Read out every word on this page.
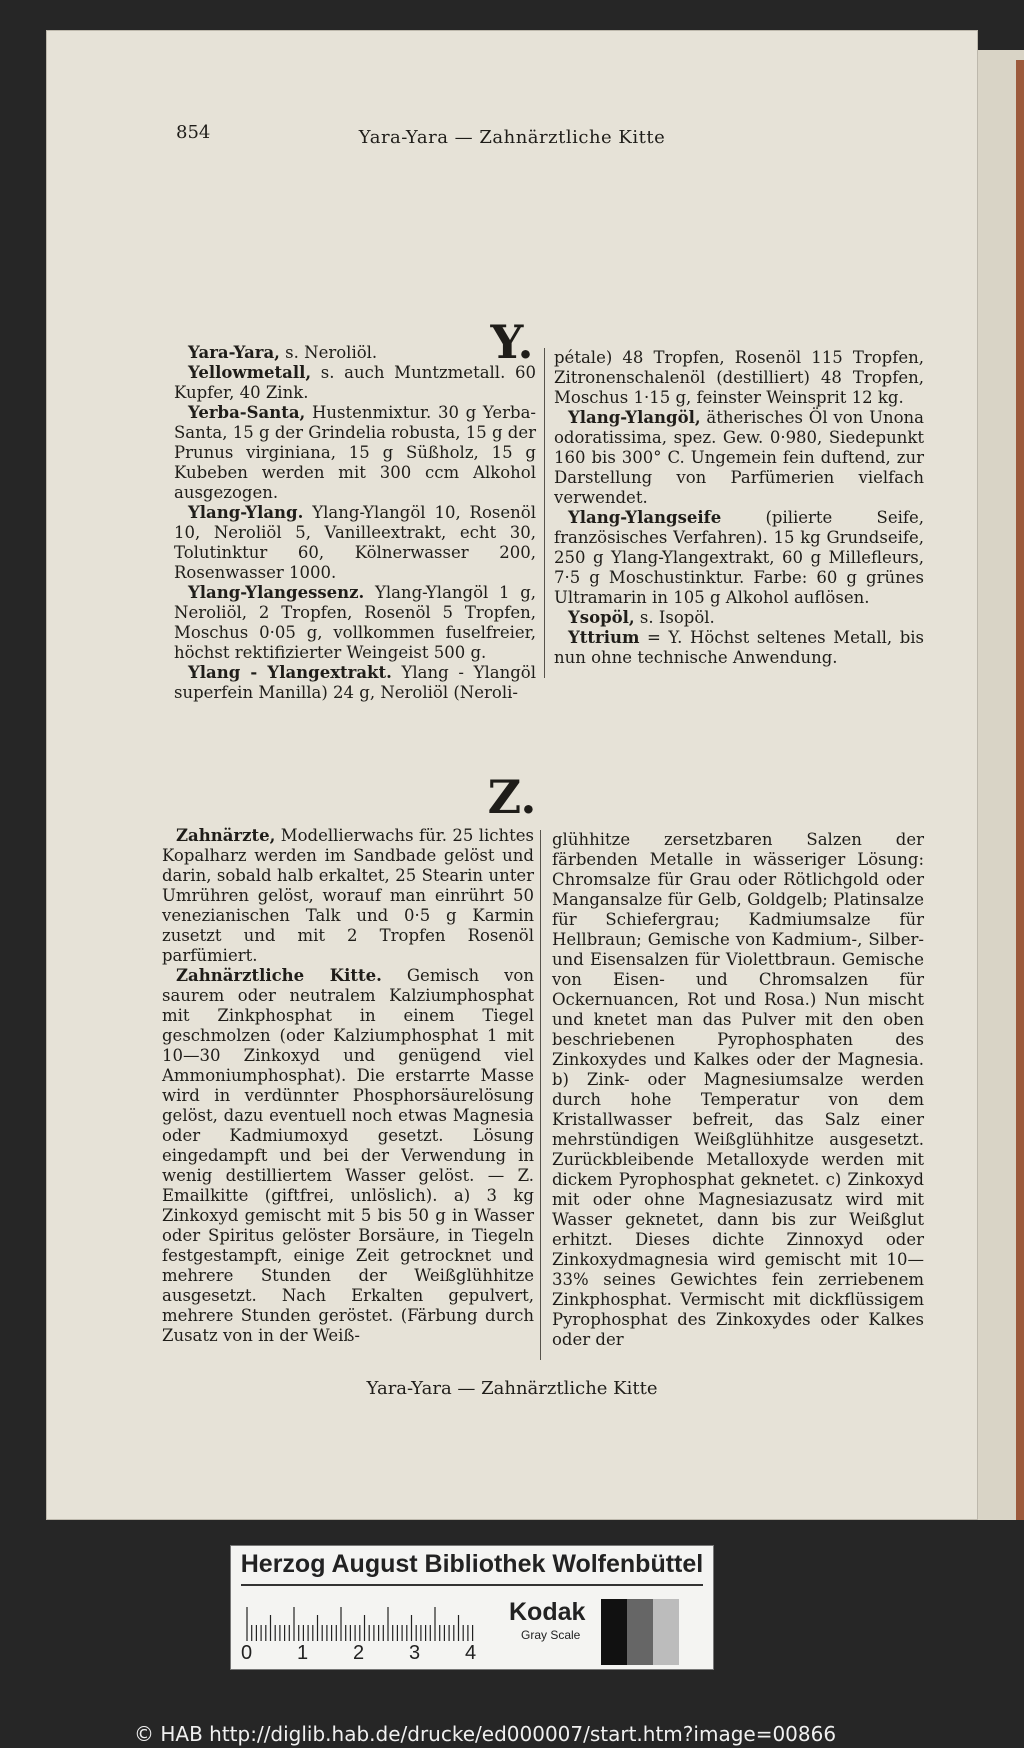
854	Yara-Yara — Zahnärztliche Kitte
Y.

Yara-Yara, s. Neroliöl.

Yellowmetall, s. auch Muntzmetall. 60 Kupfer, 40 Zink.

Yerba-Santa, Hustenmixtur. 30 g Yerba-Santa, 15 g der Grindelia robusta, 15 g der Prunus virginiana, 15 g Süßholz, 15 g Kubeben werden mit 300 ccm Alkohol ausgezogen.

Ylang-Ylang. Ylang-Ylangöl 10, Rosenöl 10, Neroliöl 5, Vanilleextrakt, echt 30, Tolutinktur 60, Kölnerwasser 200, Rosenwasser 1000.

Ylang-Ylangessenz. Ylang-Ylangöl 1 g, Neroliöl, 2 Tropfen, Rosenöl 5 Tropfen, Moschus 0·05 g, vollkommen fuselfreier, höchst rektifizierter Weingeist 500 g.

Ylang - Ylangextrakt. Ylang - Ylangöl superfein Manilla) 24 g, Neroliöl (Neroli-

pétale) 48 Tropfen, Rosenöl 115 Tropfen, Zitronenschalenöl (destilliert) 48 Tropfen, Moschus 1·15 g, feinster Weinsprit 12 kg.

Ylang-Ylangöl, ätherisches Öl von Unona odoratissima, spez. Gew. 0·980, Siedepunkt 160 bis 300° C. Ungemein fein duftend, zur Darstellung von Parfümerien vielfach verwendet.

Ylang-Ylangseife (pilierte Seife, französisches Verfahren). 15 kg Grundseife, 250 g Ylang-Ylangextrakt, 60 g Millefleurs, 7·5 g Moschustinktur. Farbe: 60 g grünes Ultramarin in 105 g Alkohol auflösen.

Ysopöl, s. Isopöl.

Yttrium = Y. Höchst seltenes Metall, bis nun ohne technische Anwendung.

Z.

Zahnärzte, Modellierwachs für. 25 lichtes Kopalharz werden im Sandbade gelöst und darin, sobald halb erkaltet, 25 Stearin unter Umrühren gelöst, worauf man einrührt 50 venezianischen Talk und 0·5 g Karmin zusetzt und mit 2 Tropfen Rosenöl parfümiert.

Zahnärztliche Kitte. Gemisch von saurem oder neutralem Kalziumphosphat mit Zinkphosphat in einem Tiegel geschmolzen (oder Kalziumphosphat 1 mit 10—30 Zinkoxyd und genügend viel Ammoniumphosphat). Die erstarrte Masse wird in verdünnter Phosphorsäurelösung gelöst, dazu eventuell noch etwas Magnesia oder Kadmiumoxyd gesetzt. Lösung eingedampft und bei der Verwendung in wenig destilliertem Wasser gelöst. — Z. Emailkitte (giftfrei, unlöslich). a) 3 kg Zinkoxyd gemischt mit 5 bis 50 g in Wasser oder Spiritus gelöster Borsäure, in Tiegeln festgestampft, einige Zeit getrocknet und mehrere Stunden der Weißglühhitze ausgesetzt. Nach Erkalten gepulvert, mehrere Stunden geröstet. (Färbung durch Zusatz von in der Weiß-

glühhitze zersetzbaren Salzen der färbenden Metalle in wässeriger Lösung: Chromsalze für Grau oder Rötlichgold oder Mangansalze für Gelb, Goldgelb; Platinsalze für Schiefergrau; Kadmiumsalze für Hellbraun; Gemische von Kadmium-, Silber- und Eisensalzen für Violettbraun. Gemische von Eisen- und Chromsalzen für Ockernuancen, Rot und Rosa.) Nun mischt und knetet man das Pulver mit den oben beschriebenen Pyrophosphaten des Zinkoxydes und Kalkes oder der Magnesia. b) Zink- oder Magnesiumsalze werden durch hohe Temperatur von dem Kristallwasser befreit, das Salz einer mehrstündigen Weißglühhitze ausgesetzt. Zurückbleibende Metalloxyde werden mit dickem Pyrophosphat geknetet. c) Zinkoxyd mit oder ohne Magnesiazusatz wird mit Wasser geknetet, dann bis zur Weißglut erhitzt. Dieses dichte Zinnoxyd oder Zinkoxydmagnesia wird gemischt mit 10—33% seines Gewichtes fein zerriebenem Zinkphosphat. Vermischt mit dickflüssigem Pyrophosphat des Zinkoxydes oder Kalkes oder der

Yara-Yara — Zahnärztliche Kitte
Herzog August Bibliothek Wolfenbüttel
0 1 2 3 4
Kodak
Gray Scale
© HAB http://diglib.hab.de/drucke/ed000007/start.htm?image=00866
